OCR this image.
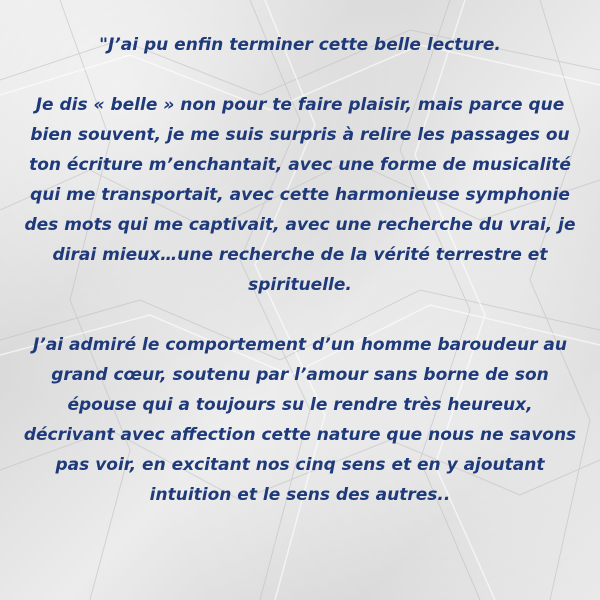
"J’ai pu enfin terminer cette belle lecture.

Je dis « belle » non pour te faire plaisir, mais parce que bien souvent, je me suis surpris à relire les passages ou ton écriture m’enchantait, avec une forme de musicalité qui me transportait, avec cette harmonieuse symphonie des mots qui me captivait, avec une recherche du vrai, je dirai mieux…une recherche de la vérité terrestre et spirituelle.

J’ai admiré le comportement d’un homme baroudeur au grand cœur, soutenu par l’amour sans borne de son épouse qui a toujours su le rendre très heureux, décrivant avec affection cette nature que nous ne savons pas voir, en excitant nos cinq sens et en y ajoutant intuition et le sens des autres..
